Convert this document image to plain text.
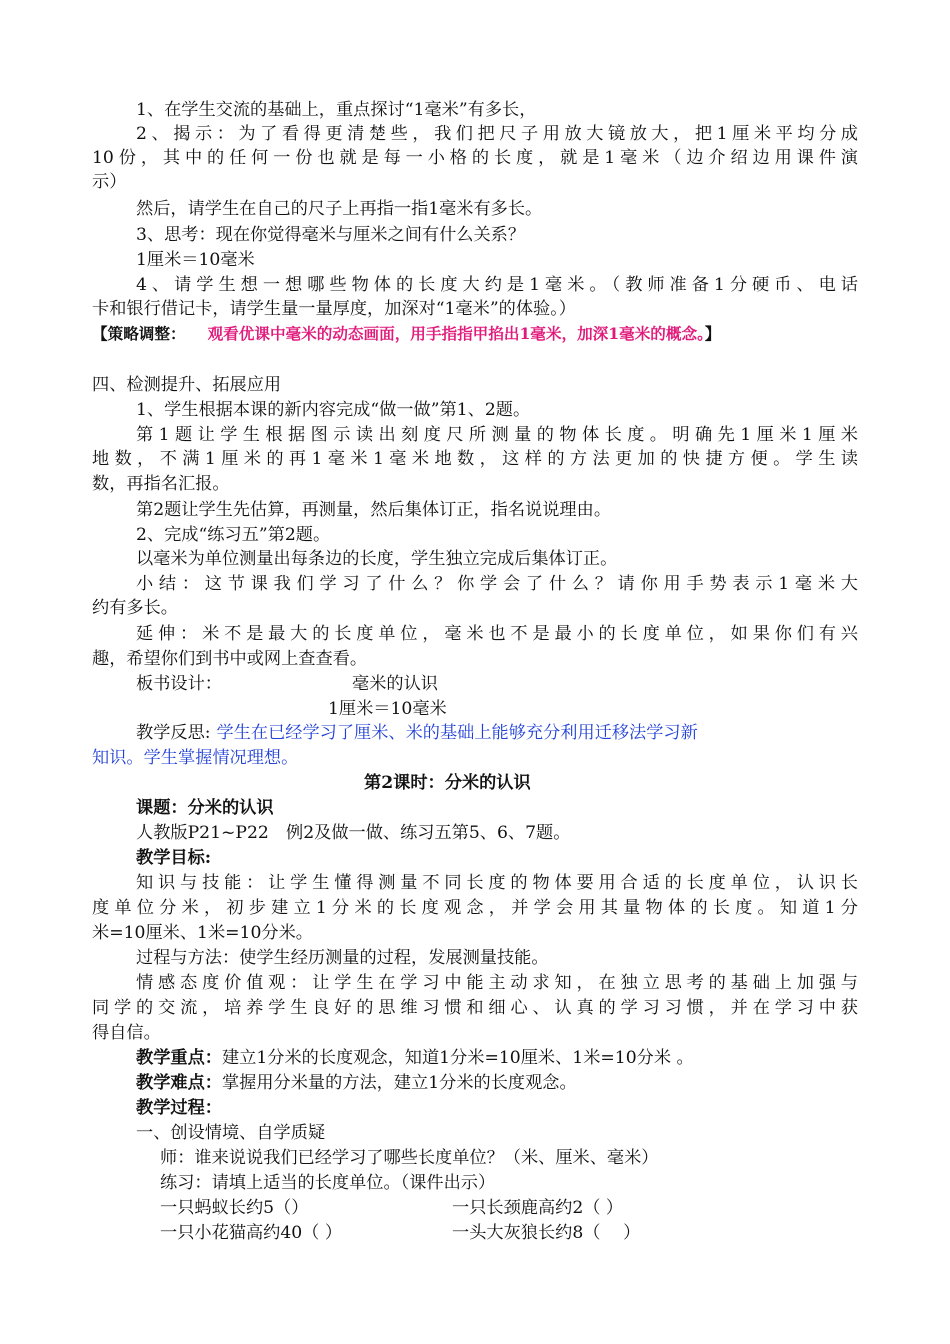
1、在学生交流的基础上，重点探讨“1毫米”有多长，
2、揭示：为了看得更清楚些，我们把尺子用放大镜放大，把1厘米平均分成
10份，其中的任何一份也就是每一小格的长度，就是1毫米（边介绍边用课件演
示）
然后，请学生在自己的尺子上再指一指1毫米有多长。
3、思考：现在你觉得毫米与厘米之间有什么关系？
1厘米＝10毫米
4、请学生想一想哪些物体的长度大约是1毫米。（教师准备1分硬币、电话
卡和银行借记卡，请学生量一量厚度，加深对“1毫米”的体验。）
【策略调整： 观看优课中毫米的动态画面，用手指指甲掐出1毫米，加深1毫米的概念。】
四、检测提升、拓展应用
1、学生根据本课的新内容完成“做一做”第1、2题。
第1题让学生根据图示读出刻度尺所测量的物体长度。明确先1厘米1厘米
地数，不满1厘米的再1毫米1毫米地数，这样的方法更加的快捷方便。学生读
数，再指名汇报。
第2题让学生先估算，再测量，然后集体订正，指名说说理由。
2、完成“练习五”第2题。
以毫米为单位测量出每条边的长度，学生独立完成后集体订正。
小结：这节课我们学习了什么？你学会了什么？请你用手势表示1毫米大
约有多长。
延伸：米不是最大的长度单位，毫米也不是最小的长度单位，如果你们有兴
趣，希望你们到书中或网上查查看。
板书设计：	毫米的认识
1厘米＝10毫米
教学反思: 学生在已经学习了厘米、米的基础上能够充分利用迁移法学习新
知识。学生掌握情况理想。
第2课时：分米的认识
课题：分米的认识
人教版P21~P22　例2及做一做、练习五第5、6、7题。
教学目标:
知识与技能：让学生懂得测量不同长度的物体要用合适的长度单位，认识长
度单位分米，初步建立1分米的长度观念，并学会用其量物体的长度。知道1分
米=10厘米、1米=10分米。
过程与方法：使学生经历测量的过程，发展测量技能。
情感态度价值观：让学生在学习中能主动求知，在独立思考的基础上加强与
同学的交流，培养学生良好的思维习惯和细心、认真的学习习惯，并在学习中获
得自信。
教学重点：建立1分米的长度观念，知道1分米=10厘米、1米=10分米 。
教学难点：掌握用分米量的方法，建立1分米的长度观念。
教学过程：
一、创设情境、自学质疑
师：谁来说说我们已经学习了哪些长度单位？（米、厘米、毫米）
练习：请填上适当的长度单位。（课件出示）
一只蚂蚁长约5（）	一只长颈鹿高约2（ ）
一只小花猫高约40（ ）	一头大灰狼长约8（　 ）
